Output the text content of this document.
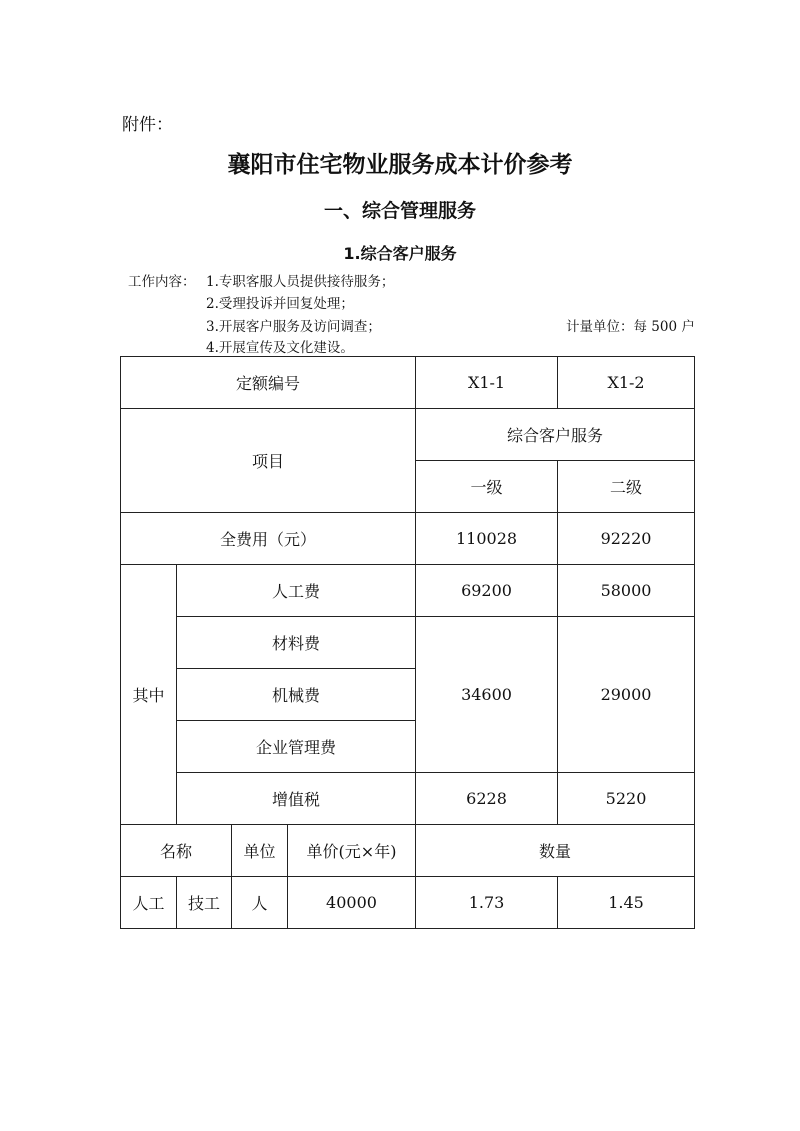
附件：
襄阳市住宅物业服务成本计价参考
一、综合管理服务
1.综合客户服务
工作内容： 1.专职客服人员提供接待服务；
2.受理投诉并回复处理；
3.开展客户服务及访问调查；
4.开展宣传及文化建设。
计量单位：每 500 户
定额编号				X1-1	X1-2
项目				综合客户服务	
				一级	二级
全费用（元）				110028	92220
其中	人工费			69200	58000
	材料费			34600	29000
	机械费				
	企业管理费				
	增值税			6228	5220
名称		单位	单价(元×年)	数量	
人工	技工	人	40000	1.73	1.45
